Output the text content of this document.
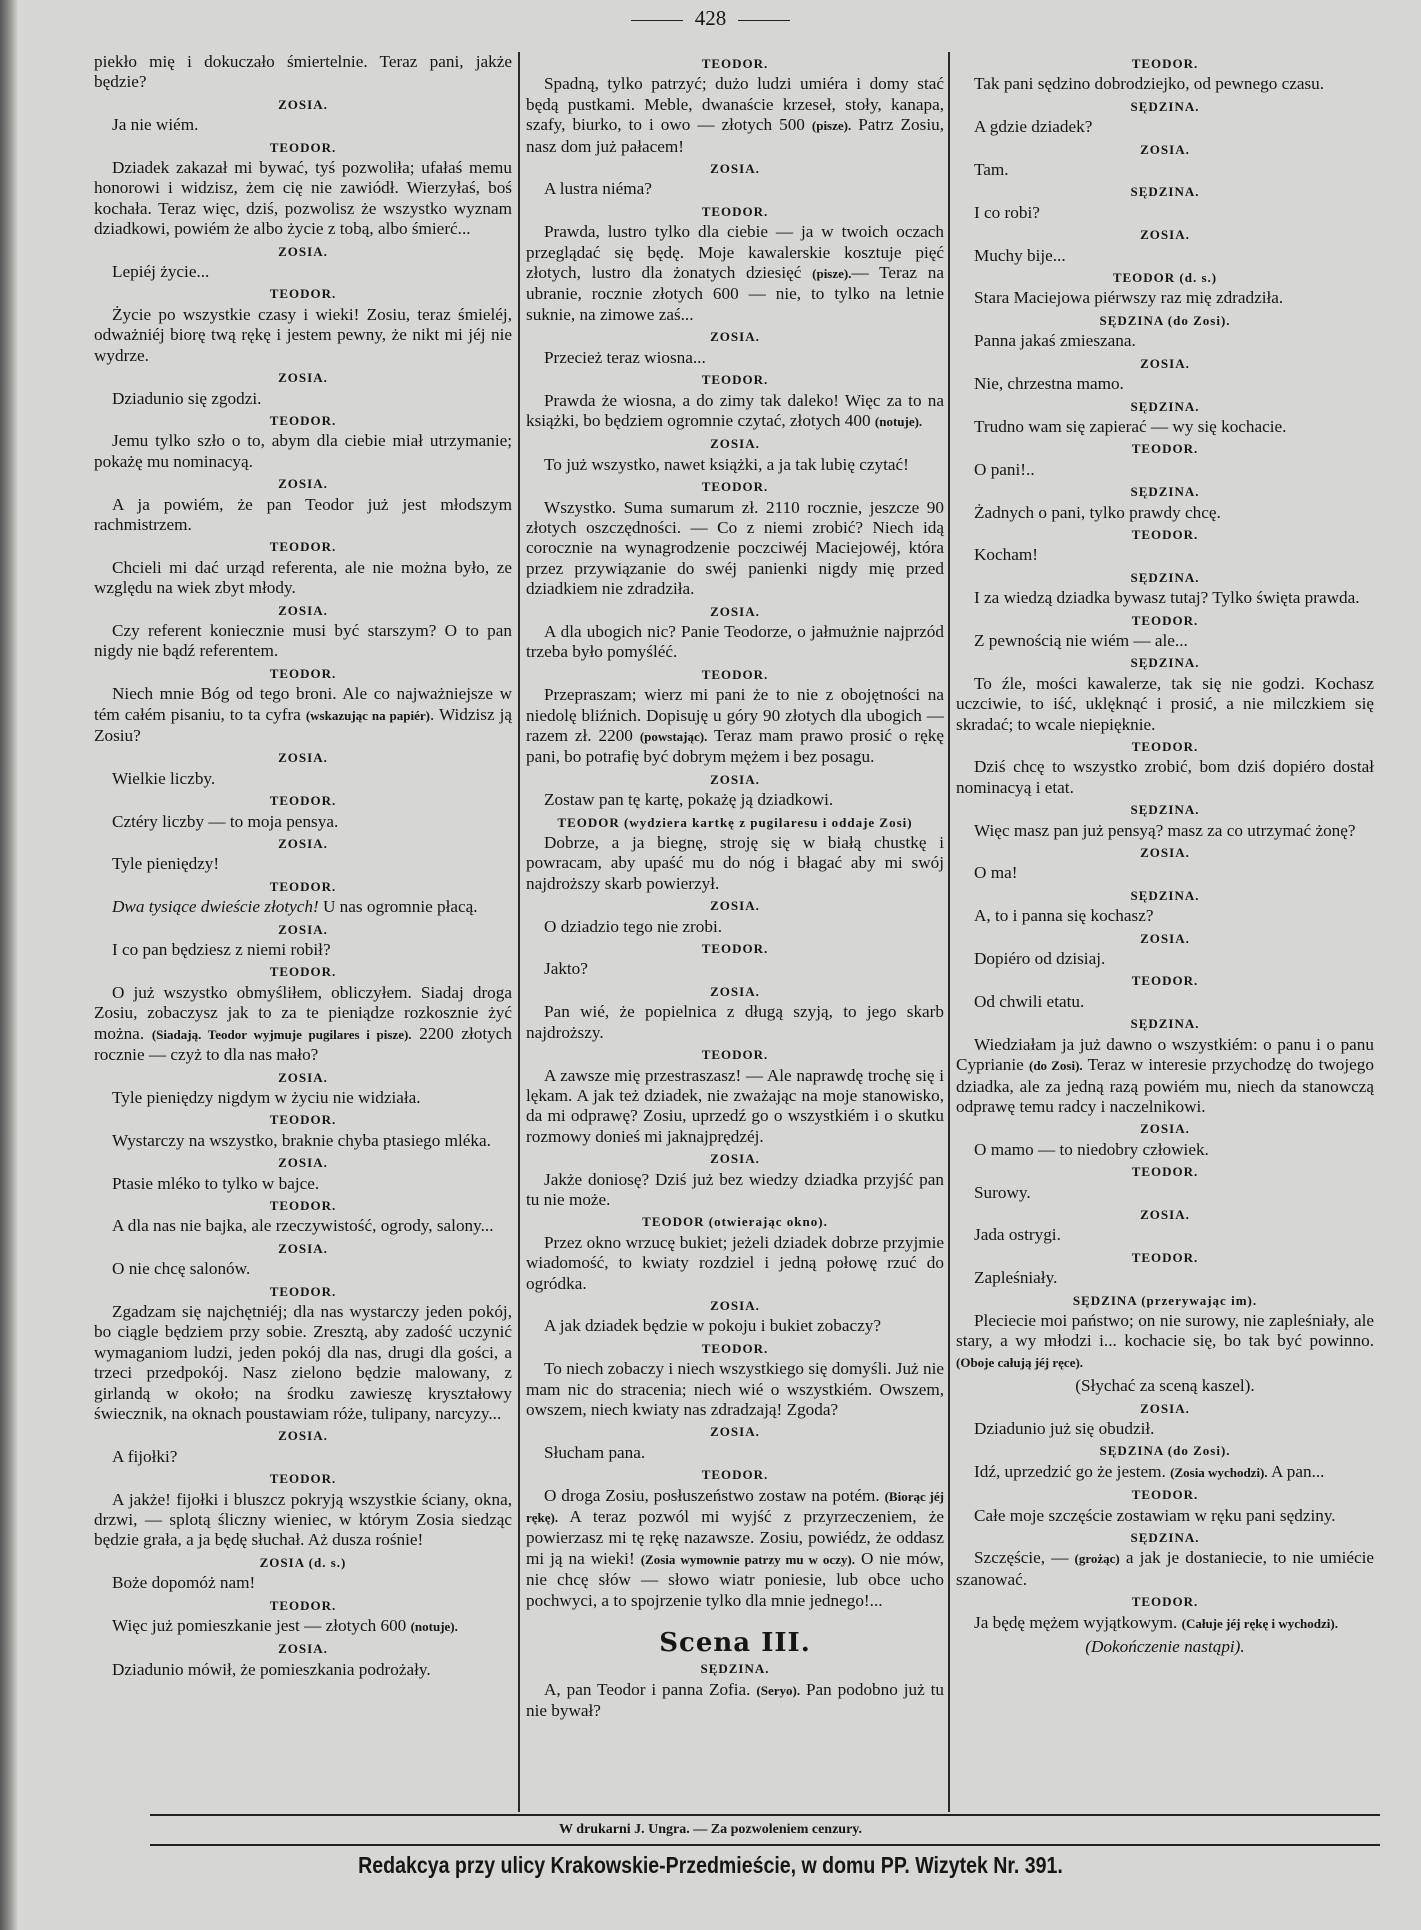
428
piekło mię i dokuczało śmiertelnie. Teraz pani, jakże będzie?
ZOSIA.
Ja nie wiém.
TEODOR.
Dziadek zakazał mi bywać, tyś pozwoliła; ufałaś memu honorowi i widzisz, żem cię nie zawiódł. Wierzyłaś, boś kochała. Teraz więc, dziś, pozwolisz że wszystko wyznam dziadkowi, powiém że albo życie z tobą, albo śmierć...
ZOSIA.
Lepiéj życie...
TEODOR.
Życie po wszystkie czasy i wieki! Zosiu, teraz śmieléj, odważniéj biorę twą rękę i jestem pewny, że nikt mi jéj nie wydrze.
ZOSIA.
Dziadunio się zgodzi.
TEODOR.
Jemu tylko szło o to, abym dla ciebie miał utrzymanie; pokażę mu nominacyą.
ZOSIA.
A ja powiém, że pan Teodor już jest młodszym rachmistrzem.
TEODOR.
Chcieli mi dać urząd referenta, ale nie można było, ze względu na wiek zbyt młody.
ZOSIA.
Czy referent koniecznie musi być starszym? O to pan nigdy nie bądź referentem.
TEODOR.
Niech mnie Bóg od tego broni. Ale co najważniejsze w tém całém pisaniu, to ta cyfra (wskazując na papiér). Widzisz ją Zosiu?
ZOSIA.
Wielkie liczby.
TEODOR.
Cztéry liczby — to moja pensya.
ZOSIA.
Tyle pieniędzy!
TEODOR.
Dwa tysiące dwieście złotych! U nas ogromnie płacą.
ZOSIA.
I co pan będziesz z niemi robił?
TEODOR.
O już wszystko obmyśliłem, obliczyłem. Siadaj droga Zosiu, zobaczysz jak to za te pieniądze rozkosznie żyć można. (Siadają. Teodor wyjmuje pugilares i pisze). 2200 złotych rocznie — czyż to dla nas mało?
ZOSIA.
Tyle pieniędzy nigdym w życiu nie widziała.
TEODOR.
Wystarczy na wszystko, braknie chyba ptasiego mléka.
ZOSIA.
Ptasie mléko to tylko w bajce.
TEODOR.
A dla nas nie bajka, ale rzeczywistość, ogrody, salony...
ZOSIA.
O nie chcę salonów.
TEODOR.
Zgadzam się najchętniéj; dla nas wystarczy jeden pokój, bo ciągle będziem przy sobie. Zresztą, aby zadość uczynić wymaganiom ludzi, jeden pokój dla nas, drugi dla gości, a trzeci przedpokój. Nasz zielono będzie malowany, z girlandą w około; na środku zawieszę kryształowy świecznik, na oknach poustawiam róże, tulipany, narcyzy...
ZOSIA.
A fijołki?
TEODOR.
A jakże! fijołki i bluszcz pokryją wszystkie ściany, okna, drzwi, — splotą śliczny wieniec, w którym Zosia siedząc będzie grała, a ja będę słuchał. Aż dusza rośnie!
ZOSIA (d. s.)
Boże dopomóż nam!
TEODOR.
Więc już pomieszkanie jest — złotych 600 (notuje).
ZOSIA.
Dziadunio mówił, że pomieszkania podrożały.
TEODOR.
Spadną, tylko patrzyć; dużo ludzi umiéra i domy stać będą pustkami. Meble, dwanaście krzeseł, stoły, kanapa, szafy, biurko, to i owo — złotych 500 (pisze). Patrz Zosiu, nasz dom już pałacem!
ZOSIA.
A lustra niéma?
TEODOR.
Prawda, lustro tylko dla ciebie — ja w twoich oczach przeglądać się będę. Moje kawalerskie kosztuje pięć złotych, lustro dla żonatych dziesięć (pisze).— Teraz na ubranie, rocznie złotych 600 — nie, to tylko na letnie suknie, na zimowe zaś...
ZOSIA.
Przecież teraz wiosna...
TEODOR.
Prawda że wiosna, a do zimy tak daleko! Więc za to na książki, bo będziem ogromnie czytać, złotych 400 (notuje).
ZOSIA.
To już wszystko, nawet książki, a ja tak lubię czytać!
TEODOR.
Wszystko. Suma sumarum zł. 2110 rocznie, jeszcze 90 złotych oszczędności. — Co z niemi zrobić? Niech idą corocznie na wynagrodzenie poczciwéj Maciejowéj, która przez przywiązanie do swéj panienki nigdy mię przed dziadkiem nie zdradziła.
ZOSIA.
A dla ubogich nic? Panie Teodorze, o jałmużnie najprzód trzeba było pomyśléć.
TEODOR.
Przepraszam; wierz mi pani że to nie z obojętności na niedolę bliźnich. Dopisuję u góry 90 złotych dla ubogich — razem zł. 2200 (powstając). Teraz mam prawo prosić o rękę pani, bo potrafię być dobrym mężem i bez posagu.
ZOSIA.
Zostaw pan tę kartę, pokażę ją dziadkowi.
TEODOR (wydziera kartkę z pugilaresu i oddaje Zosi)
Dobrze, a ja biegnę, stroję się w białą chustkę i powracam, aby upaść mu do nóg i błagać aby mi swój najdroższy skarb powierzył.
ZOSIA.
O dziadzio tego nie zrobi.
TEODOR.
Jakto?
ZOSIA.
Pan wié, że popielnica z długą szyją, to jego skarb najdroższy.
TEODOR.
A zawsze mię przestraszasz! — Ale naprawdę trochę się i lękam. A jak też dziadek, nie zważając na moje stanowisko, da mi odprawę? Zosiu, uprzedź go o wszystkiém i o skutku rozmowy donieś mi jaknajprędzéj.
ZOSIA.
Jakże doniosę? Dziś już bez wiedzy dziadka przyjść pan tu nie może.
TEODOR (otwierając okno).
Przez okno wrzucę bukiet; jeżeli dziadek dobrze przyjmie wiadomość, to kwiaty rozdziel i jedną połowę rzuć do ogródka.
ZOSIA.
A jak dziadek będzie w pokoju i bukiet zobaczy?
TEODOR.
To niech zobaczy i niech wszystkiego się domyśli. Już nie mam nic do stracenia; niech wié o wszystkiém. Owszem, owszem, niech kwiaty nas zdradzają! Zgoda?
ZOSIA.
Słucham pana.
TEODOR.
O droga Zosiu, posłuszeństwo zostaw na potém. (Biorąc jéj rękę). A teraz pozwól mi wyjść z przyrzeczeniem, że powierzasz mi tę rękę nazawsze. Zosiu, powiédz, że oddasz mi ją na wieki! (Zosia wymownie patrzy mu w oczy). O nie mów, nie chcę słów — słowo wiatr poniesie, lub obce ucho pochwyci, a to spojrzenie tylko dla mnie jednego!...
Scena III.
SĘDZINA.
A, pan Teodor i panna Zofia. (Seryo). Pan podobno już tu nie bywał?
TEODOR.
Tak pani sędzino dobrodziejko, od pewnego czasu.
SĘDZINA.
A gdzie dziadek?
ZOSIA.
Tam.
SĘDZINA.
I co robi?
ZOSIA.
Muchy bije...
TEODOR (d. s.)
Stara Maciejowa piérwszy raz mię zdradziła.
SĘDZINA (do Zosi).
Panna jakaś zmieszana.
ZOSIA.
Nie, chrzestna mamo.
SĘDZINA.
Trudno wam się zapierać — wy się kochacie.
TEODOR.
O pani!..
SĘDZINA.
Żadnych o pani, tylko prawdy chcę.
TEODOR.
Kocham!
SĘDZINA.
I za wiedzą dziadka bywasz tutaj? Tylko święta prawda.
TEODOR.
Z pewnością nie wiém — ale...
SĘDZINA.
To źle, mości kawalerze, tak się nie godzi. Kochasz uczciwie, to iść, uklęknąć i prosić, a nie milczkiem się skradać; to wcale niepięknie.
TEODOR.
Dziś chcę to wszystko zrobić, bom dziś dopiéro dostał nominacyą i etat.
SĘDZINA.
Więc masz pan już pensyą? masz za co utrzymać żonę?
ZOSIA.
O ma!
SĘDZINA.
A, to i panna się kochasz?
ZOSIA.
Dopiéro od dzisiaj.
TEODOR.
Od chwili etatu.
SĘDZINA.
Wiedziałam ja już dawno o wszystkiém: o panu i o panu Cyprianie (do Zosi). Teraz w interesie przychodzę do twojego dziadka, ale za jedną razą powiém mu, niech da stanowczą odprawę temu radcy i naczelnikowi.
ZOSIA.
O mamo — to niedobry człowiek.
TEODOR.
Surowy.
ZOSIA.
Jada ostrygi.
TEODOR.
Zapleśniały.
SĘDZINA (przerywając im).
Pleciecie moi państwo; on nie surowy, nie zapleśniały, ale stary, a wy młodzi i... kochacie się, bo tak być powinno. (Oboje całują jéj ręce).
(Słychać za sceną kaszel).
ZOSIA.
Dziadunio już się obudził.
SĘDZINA (do Zosi).
Idź, uprzedzić go że jestem. (Zosia wychodzi). A pan...
TEODOR.
Całe moje szczęście zostawiam w ręku pani sędziny.
SĘDZINA.
Szczęście, — (grożąc) a jak je dostaniecie, to nie umiécie szanować.
TEODOR.
Ja będę mężem wyjątkowym. (Całuje jéj rękę i wychodzi).
(Dokończenie nastąpi).
W drukarni J. Ungra. — Za pozwoleniem cenzury.
Redakcya przy ulicy Krakowskie-Przedmieście, w domu PP. Wizytek Nr. 391.
